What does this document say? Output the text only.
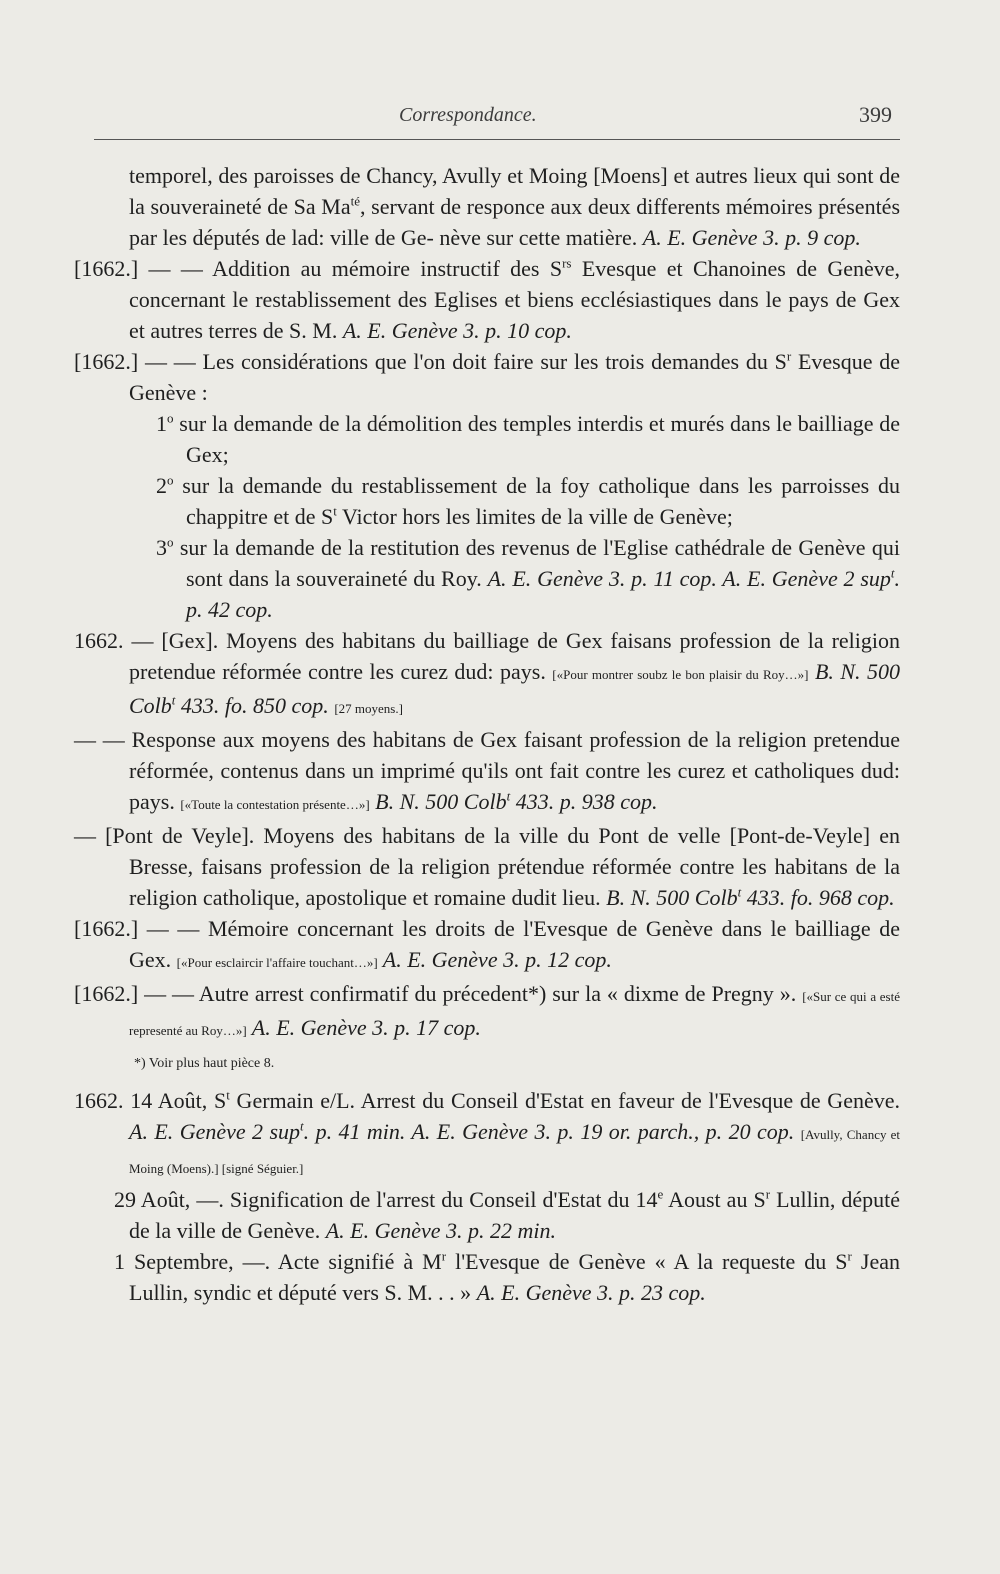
Correspondance.	399

temporel, des paroisses de Chancy, Avully et Moing [Moens] et autres lieux qui sont de la souveraineté de Sa $Ma^{té}$, servant de responce aux deux differents mémoires présentés par les députés de lad: ville de Ge- nève sur cette matière. A. E. Genève 3. p. 9 cop.

[1662.] — — Addition au mémoire instructif des $S^{rs}$ Evesque et Chanoines de Genève, concernant le restablissement des Eglises et biens ecclésiastiques dans le pays de Gex et autres terres de S. M. A. E. Genève 3. p. 10 cop.

[1662.] — — Les considérations que l'on doit faire sur les trois demandes du $S^r$ Evesque de Genève :

1$^o$ sur la demande de la démolition des temples interdis et murés dans le bailliage de Gex;

2$^o$ sur la demande du restablissement de la foy catholique dans les parroisses du chappitre et de $S^t$ Victor hors les limites de la ville de Genève;

3$^o$ sur la demande de la restitution des revenus de l'Eglise cathédrale de Genève qui sont dans la souveraineté du Roy. A. E. Genève 3. p. 11 cop. A. E. Genève 2 sup$^t$. p. 42 cop.

1662. — [Gex]. Moyens des habitans du bailliage de Gex faisans profession de la religion pretendue réformée contre les curez dud: pays. [«Pour montrer soubz le bon plaisir du Roy…»] B. N. 500 Colb$^t$ 433. fo. 850 cop. [27 moyens.]

— — Response aux moyens des habitans de Gex faisant profession de la religion pretendue réformée, contenus dans un imprimé qu'ils ont fait contre les curez et catholiques dud: pays. [«Toute la contestation présente…»] B. N. 500 Colb$^t$ 433. p. 938 cop.

— [Pont de Veyle]. Moyens des habitans de la ville du Pont de velle [Pont-de-Veyle] en Bresse, faisans profession de la religion prétendue réformée contre les habitans de la religion catholique, apostolique et romaine dudit lieu. B. N. 500 Colb$^t$ 433. fo. 968 cop.

[1662.] — — Mémoire concernant les droits de l'Evesque de Genève dans le bailliage de Gex. [«Pour esclaircir l'affaire touchant…»] A. E. Genève 3. p. 12 cop.

[1662.] — — Autre arrest confirmatif du précedent*) sur la « dixme de Pregny ». [«Sur ce qui a esté representé au Roy…»] A. E. Genève 3. p. 17 cop.

*) Voir plus haut pièce 8.

1662. 14 Août, $S^t$ Germain e/L. Arrest du Conseil d'Estat en faveur de l'Evesque de Genève. A. E. Genève 2 sup$^t$. p. 41 min. A. E. Genève 3. p. 19 or. parch., p. 20 cop. [Avully, Chancy et Moing (Moens).] [signé Séguier.]

29 Août, —. Signification de l'arrest du Conseil d'Estat du 14e Aoust au $S^r$ Lullin, député de la ville de Genève. A. E. Genève 3. p. 22 min.

1 Septembre, —. Acte signifié à $M^r$ l'Evesque de Genève « A la requeste du $S^r$ Jean Lullin, syndic et député vers S. M. . . » A. E. Genève 3. p. 23 cop.
